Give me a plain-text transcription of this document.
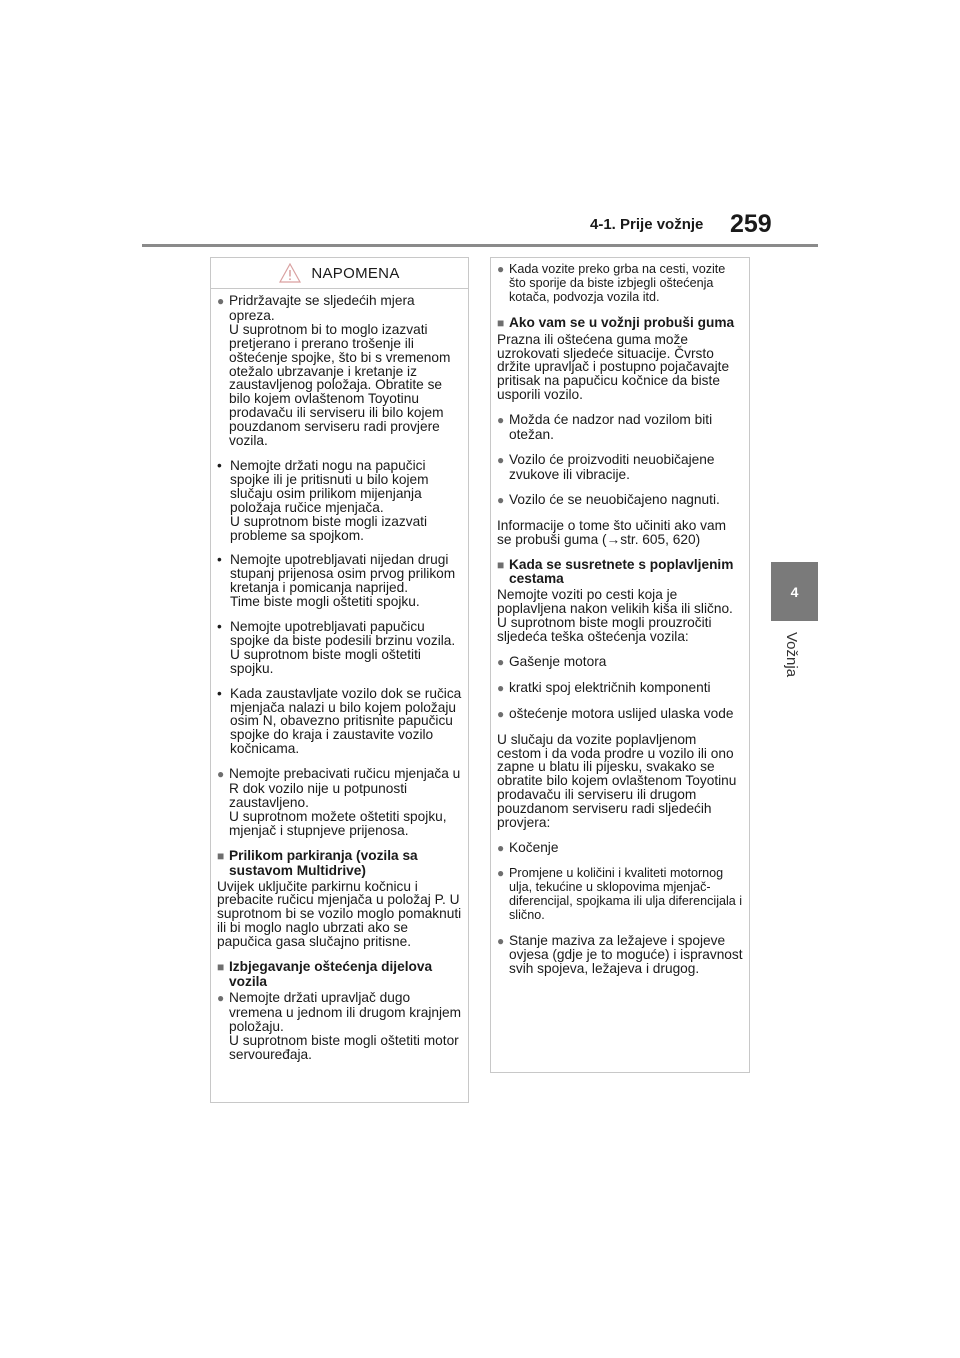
4-1. Prije vožnje 259
4
Vožnja
NAPOMENA

● Pridržavajte se sljedećih mjera opreza.
U suprotnom bi to moglo izazvati pretjerano i prerano trošenje ili oštećenje spojke, što bi s vremenom otežalo ubrzavanje i kretanje iz zaustavljenog položaja. Obratite se bilo kojem ovlaštenom Toyotinu prodavaču ili serviseru ili bilo kojem pouzdanom serviseru radi provjere vozila.

• Nemojte držati nogu na papučici spojke ili je pritisnuti u bilo kojem slučaju osim prilikom mijenjanja položaja ručice mjenjača.
U suprotnom biste mogli izazvati probleme sa spojkom.

• Nemojte upotrebljavati nijedan drugi stupanj prijenosa osim prvog prilikom kretanja i pomicanja naprijed.
Time biste mogli oštetiti spojku.

• Nemojte upotrebljavati papučicu spojke da biste podesili brzinu vozila. U suprotnom biste mogli oštetiti spojku.

• Kada zaustavljate vozilo dok se ručica mjenjača nalazi u bilo kojem položaju osim N, obavezno pritisnite papučicu spojke do kraja i zaustavite vozilo kočnicama.

● Nemojte prebacivati ručicu mjenjača u R dok vozilo nije u potpunosti zaustavljeno.
U suprotnom možete oštetiti spojku, mjenjač i stupnjeve prijenosa.

■ Prilikom parkiranja (vozila sa sustavom Multidrive)

Uvijek uključite parkirnu kočnicu i prebacite ručicu mjenjača u položaj P. U suprotnom bi se vozilo moglo pomaknuti ili bi moglo naglo ubrzati ako se papučica gasa slučajno pritisne.

■ Izbjegavanje oštećenja dijelova vozila

● Nemojte držati upravljač dugo vremena u jednom ili drugom krajnjem položaju.
U suprotnom biste mogli oštetiti motor servouređaja.

● Kada vozite preko grba na cesti, vozite što sporije da biste izbjegli oštećenja kotača, podvozja vozila itd.

■ Ako vam se u vožnji probuši guma

Prazna ili oštećena guma može uzrokovati sljedeće situacije. Čvrsto držite upravljač i postupno pojačavajte pritisak na papučicu kočnice da biste usporili vozilo.

● Možda će nadzor nad vozilom biti otežan.

● Vozilo će proizvoditi neuobičajene zvukove ili vibracije.

● Vozilo će se neuobičajeno nagnuti.

Informacije o tome što učiniti ako vam se probuši guma (→str. 605, 620)

■ Kada se susretnete s poplavljenim cestama

Nemojte voziti po cesti koja je poplavljena nakon velikih kiša ili slično. U suprotnom biste mogli prouzročiti sljedeća teška oštećenja vozila:

● Gašenje motora

● kratki spoj električnih komponenti

● oštećenje motora uslijed ulaska vode

U slučaju da vozite poplavljenom cestom i da voda prodre u vozilo ili ono zapne u blatu ili pijesku, svakako se obratite bilo kojem ovlaštenom Toyotinu prodavaču ili serviseru ili drugom pouzdanom serviseru radi sljedećih provjera:

● Kočenje

● Promjene u količini i kvaliteti motornog ulja, tekućine u sklopovima mjenjač-diferencijal, spojkama ili ulja diferencijala i slično.

● Stanje maziva za ležajeve i spojeve ovjesa (gdje je to moguće) i ispravnost svih spojeva, ležajeva i drugog.
